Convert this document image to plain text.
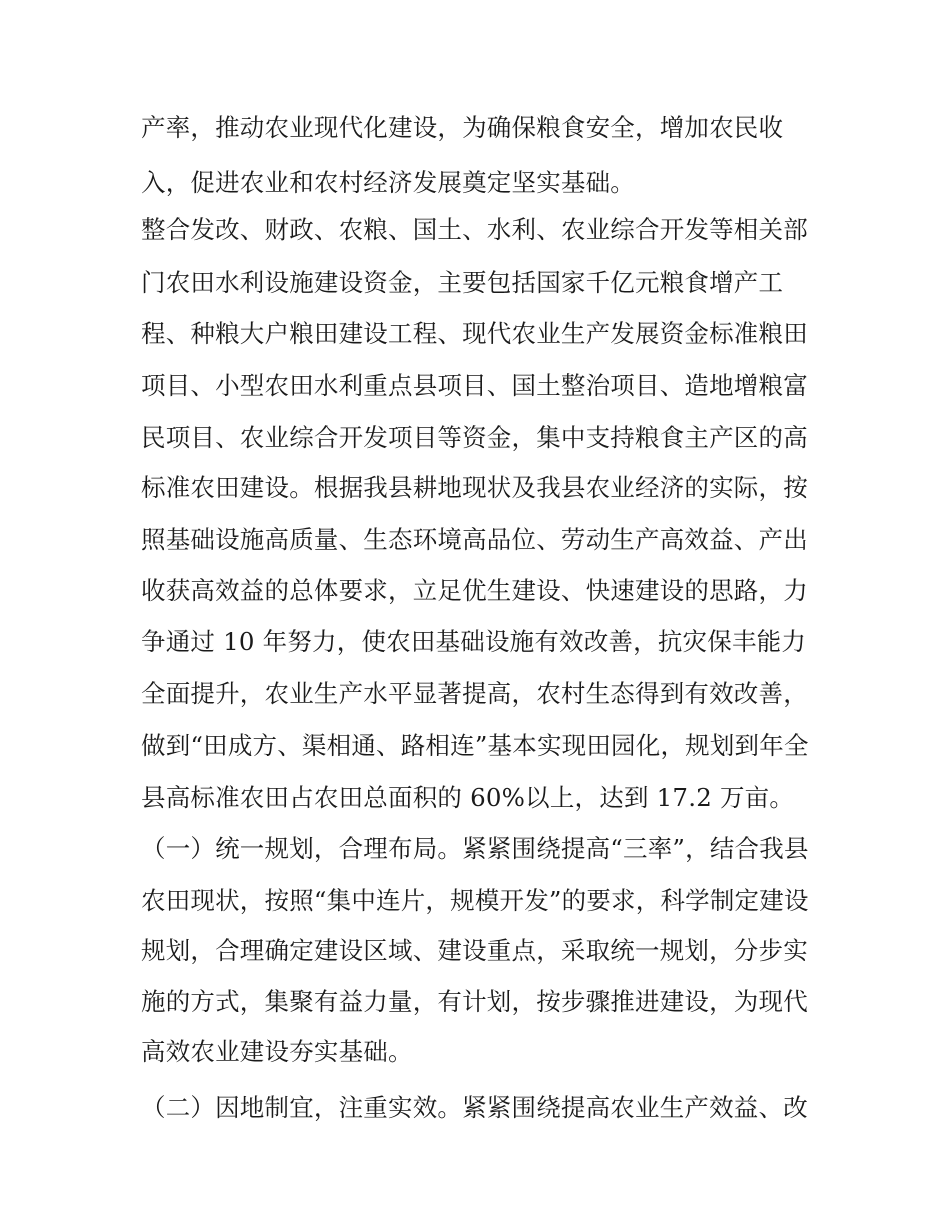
产率，推动农业现代化建设，为确保粮食安全，增加农民收
入，促进农业和农村经济发展奠定坚实基础。
整合发改、财政、农粮、国土、水利、农业综合开发等相关部
门农田水利设施建设资金，主要包括国家千亿元粮食增产工
程、种粮大户粮田建设工程、现代农业生产发展资金标准粮田
项目、小型农田水利重点县项目、国土整治项目、造地增粮富
民项目、农业综合开发项目等资金，集中支持粮食主产区的高
标准农田建设。根据我县耕地现状及我县农业经济的实际，按
照基础设施高质量、生态环境高品位、劳动生产高效益、产出
收获高效益的总体要求，立足优生建设、快速建设的思路，力
争通过 10 年努力，使农田基础设施有效改善，抗灾保丰能力
全面提升，农业生产水平显著提高，农村生态得到有效改善，
做到“田成方、渠相通、路相连”基本实现田园化，规划到年全
县高标准农田占农田总面积的 60%以上，达到 17.2 万亩。
（一）统一规划，合理布局。紧紧围绕提高“三率”，结合我县
农田现状，按照“集中连片，规模开发”的要求，科学制定建设
规划，合理确定建设区域、建设重点，采取统一规划，分步实
施的方式，集聚有益力量，有计划，按步骤推进建设，为现代
高效农业建设夯实基础。
（二）因地制宜，注重实效。紧紧围绕提高农业生产效益、改
